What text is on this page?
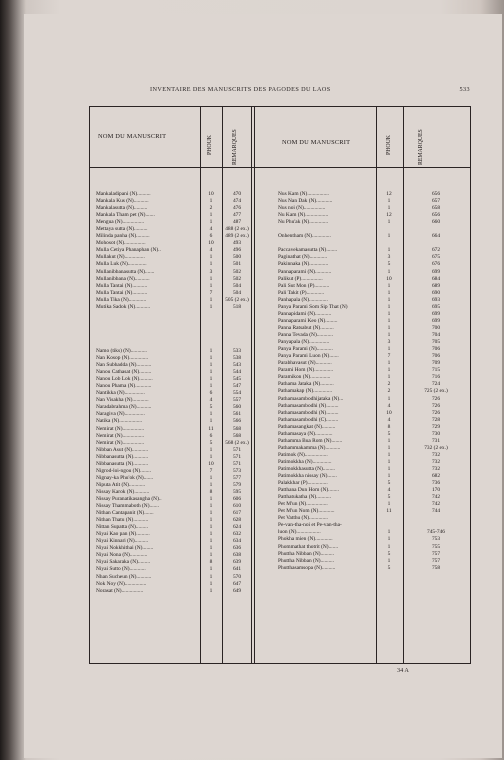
INVENTAIRE DES MANUSCRITS DES PAGODES DU LAOS	533
NOM DU MANUSCRIT	PHOUK	REMARQUES	NOM DU MANUSCRIT	PHOUK	REMARQUES
Mankaladipani (N)..........	10	470
Mankala Kus (N)...........	1	474
Mankalasutta (N)..........	2	476
Mankala Tham pet (N).......	1	477
Mengua (N)................	1	487
Mettaya sutta (N)..........	4	488 (2 ex.)
Milinda panha (N)..........	6	489 (2 ex.)
Mohosot (N)................	10	493
Mulla Cetiya Phanaphan (N)..	4	496
Mullakut (N)...............	1	500
Mulla Luk (N)..............	1	501
Mullanibbanasutta (N).......	3	502
Mullanibbana (N)...........	1	502
Mulla Tantai (N)...........	1	504
Mulla Tantai (N)...........	7	504
Mulla Tika (N).............	1	505 (2 ex.)
Mutika Sadok (N)...........	1	518
Namo (tiks) (N)............	1	533
Nan Kosop (N)..............	1	538
Nan Subhadda (N)...........	1	543
Nanou Cathasat (N).........	1	544
Nanou Lob Lok (N)..........	1	545
Nanou Phama (N)............	1	547
Nantikka (N)...............	6	554
Nan Visakha (N)............	4	557
Naradabrahma (N)...........	5	560
Naragiva (N)...............	1	561
Natika (N).................	1	566
Nemirat (N)................	11	568
Nemirat (N)................	6	568
Nemirat (N)................	5	568 (2 ex.)
Nibban Asut (N)............	1	571
Nibbanasutta (N)...........	1	571
Nibbanasutta (N)...........	10	571
Nigrod-loi-ngou (N)........	7	573
Nignay-ka Phu'ok (N).......	1	577
Niputa Atit (N)............	1	579
Nissay Karok (N)...........	8	595
Nissay Puranatikasangha (N)..	1	606
Nissay Thammaboth (N).......	1	610
Nithan Cantapanit (N).......	1	617
Nithan Thatu (N)...........	1	628
Nittan Supatta (N).........	1	624
Niyai Kao pan (N)..........	1	632
Niyai Kinnari (N)..........	1	634
Niyai Nokkhithai (N)........	1	636
Niyai Nona (N).............	1	638
Niyai Sakaraka (N).........	8	639
Niyai Sutto (N)............	1	641
Nhan Sucheun (N)...........	1	570
Nok Noy (N)................	1	647
Norasat (N)................	1	649
Nus Kam (N)................	12	656
Nus Nan Dak (N)............	1	657
Nus noi (N)................	1	658
Nu Kam (N).................	12	656
Nu Phu'ak (N)..............	1	660
Onhentham (N)..............	1	664
Paccavekamasutta (N)........	1	672
Paginathat (N).............	3	675
Pakinnaka (N)..............	5	676
Pannaparami (N)............	1	699
Palikut (P)................	10	684
Pali Sut Mon (P)...........	1	689
Pali Takit (P).............	1	690
Panhapala (N)..............	1	693
Panya Parami Som Sip That (N)	1	695
Pannapidami (N)............	1	699
Pannaparami Keo (N).........	1	699
Panna Ratsabut (N)..........	1	700
Panna Tevada (N)............	1	704
Panyapala (N)...............	3	705
Panya Parami (N)............	1	706
Panya Parami Luon (N).......	7	706
Parabhavasut (N)............	1	709
Parami Hom (N)..............	1	715
Paramikon (N)...............	1	716
Pathama Jataka (N)..........	2	724
Pathamakap (N)..............	2	725 (2 ex.)
Pathamasambodhijataka (N)...	1	726
Pathamasambodhi (N).........	4	726
Pathamasambodhi (N).........	10	726
Pathamasambodhi (C).........	4	728
Pathamasangkat (N)..........	8	729
Pathamasaya (N).............	5	730
Pathamma Bua Rom (N)........	1	731
Pathammakamma (N)...........	1	732 (2 ex.)
Patimok (N).................	1	732
Patimokkha (N)..............	1	732
Patimokkhasutta (N).........	1	732
Patimokkha nissay (N).......	1	682
Palakkhar (P)...............	5	736
Patthana Dun Hom (N)........	4	170
Patthatukatha (N)...........	5	742
Pet M'un (N)................	1	742
Pet M'un Nom (N)............	11	744
Pet Vatthu (N)..............
Pe-van-tha-noi et Pe-van-tha-
luon (N)..................	1	745-746
Phokha mien (N).............	1	753
Phommathat thotrit (N).......	1	755
Phuttha Nibban (N)..........	5	757
Phuttha Nibban (N)..........	1	757
Phutthasamsopa (N)..........	5	758
34 A
